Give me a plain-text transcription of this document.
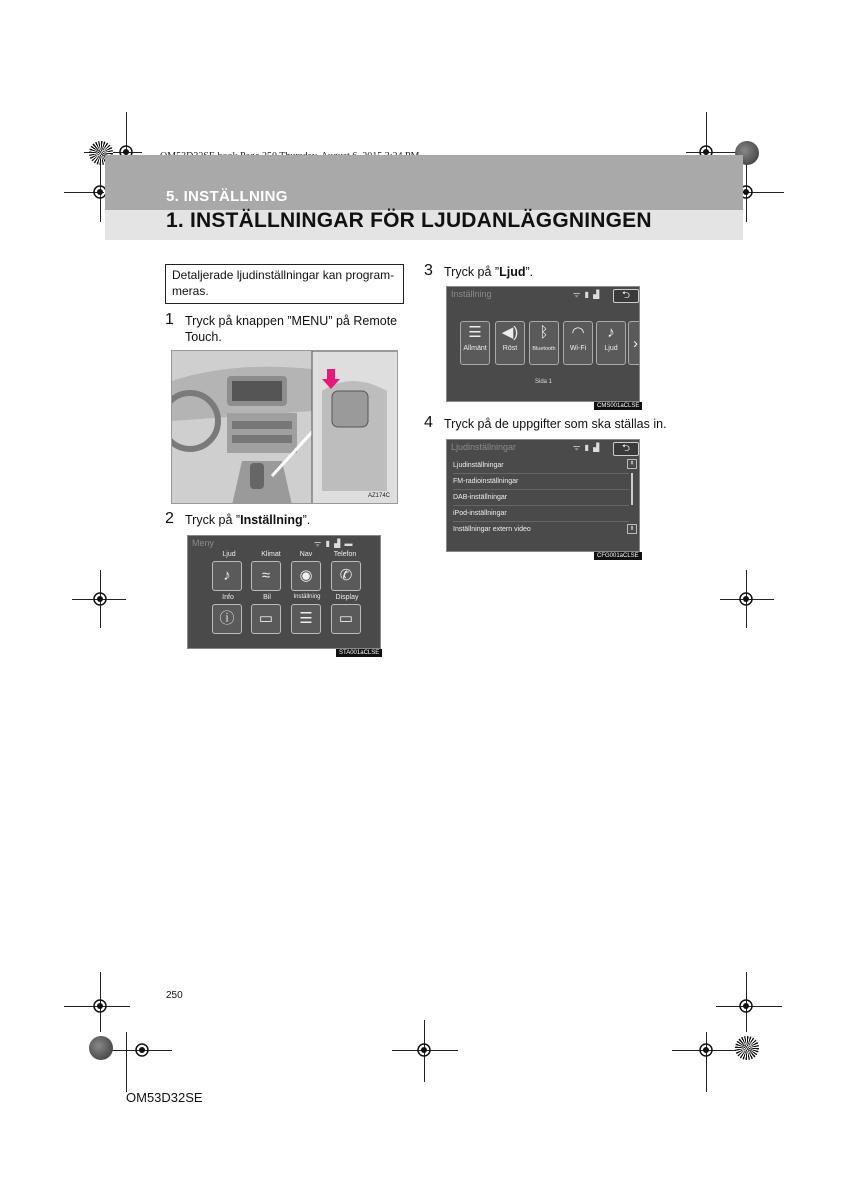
5. INSTÄLLNING
1. INSTÄLLNINGAR FÖR LJUDANLÄGGNINGEN
Detaljerade ljudinställningar kan programmeras.
1 Tryck på knappen ”MENU” på Remote Touch.
AZ174C
2 Tryck på ”Inställning”.
Meny	ᯤ ▮ ▟ ▬
Ljud	Klimat	Nav	Telefon
♪	≈	◉	✆
Info	Bil	Inställning	Display
ⓘ	▭	☰	▭
STA001aCLSE
3 Tryck på ”Ljud”.
Inställning	ᯤ ▮ ▟	⮌
☰
Allmänt
◀)
Röst
ᛒ
Bluetooth
◠
Wi-Fi
♪
Ljud	›
Sida 1
CMS001aCLSE
4 Tryck på de uppgifter som ska ställas in.
Ljudinställningar	ᯤ ▮ ▟	⮌
Ljudinställningar
FM-radioinställningar
DAB-inställningar
iPod-inställningar
Inställningar extern video
⇞
⇟
CFG001aCLSE
250
OM53D32SE
